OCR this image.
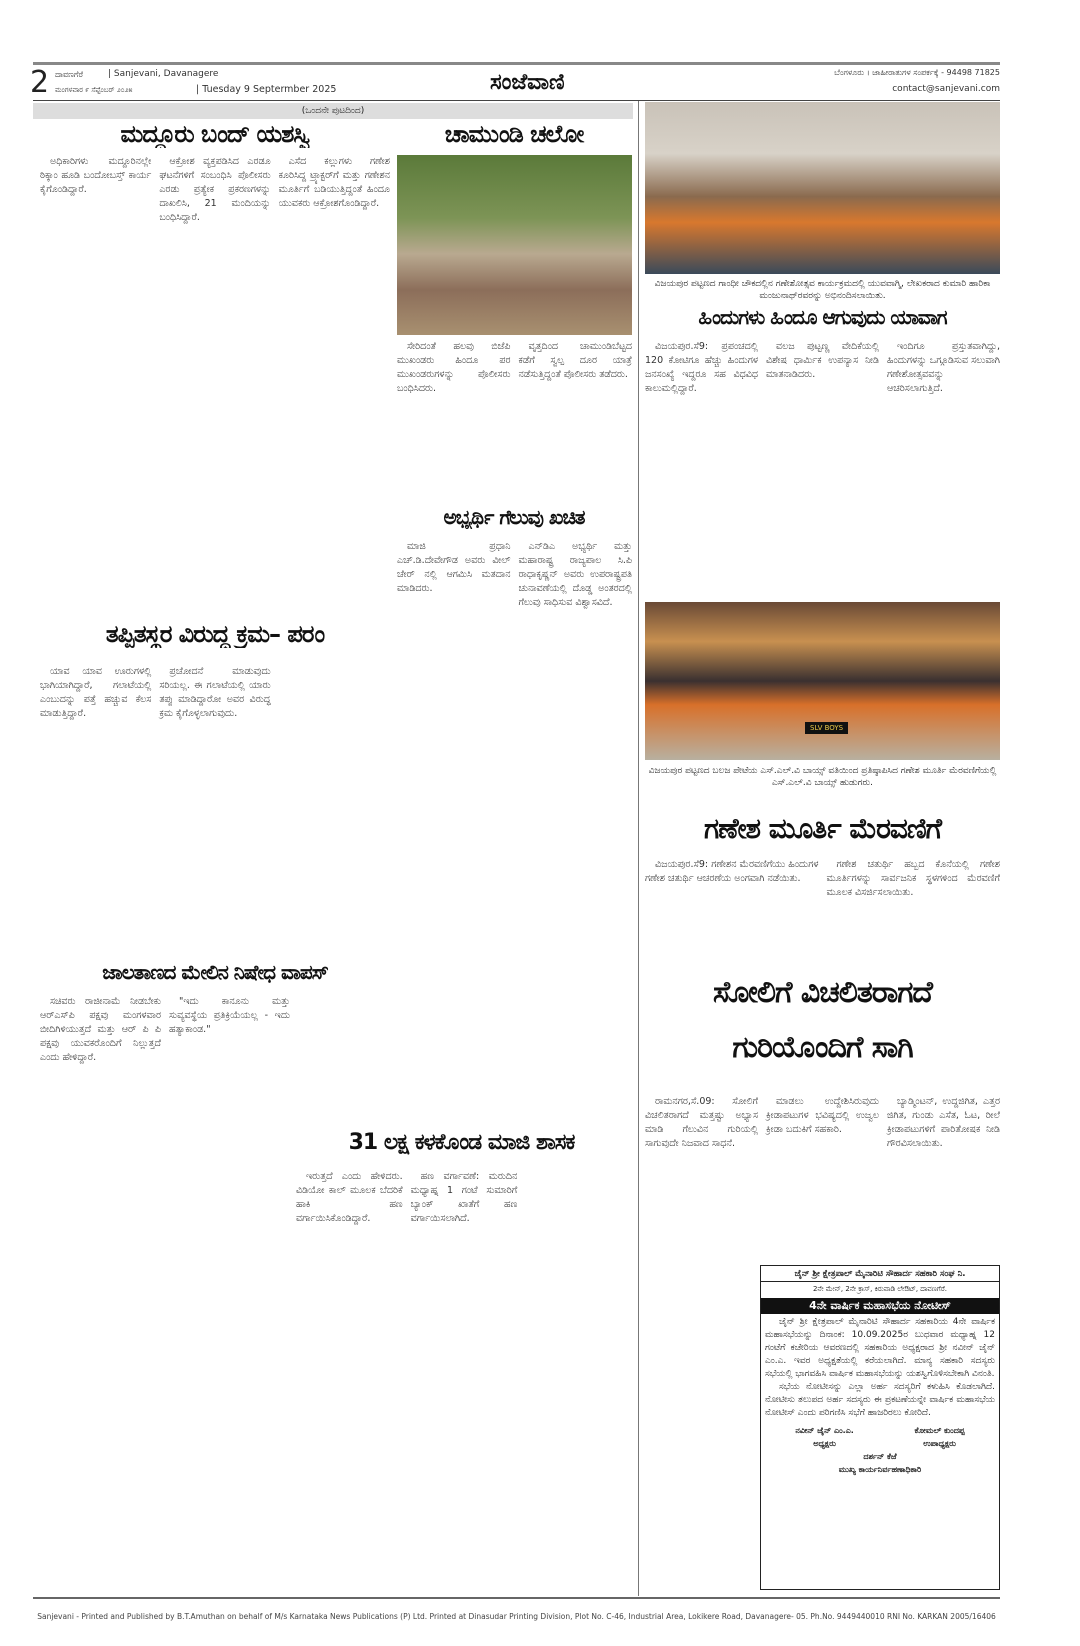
2 ದಾವಣಗೆರೆ
ಮಂಗಳವಾರ ೯ ಸೆಪ್ಟೆಂಬರ್ ೨೦೨೫
| Sanjevani, Davanagere
| Tuesday 9 Septermber 2025	ಸಂಜೆವಾಣಿ	ಬೆಂಗಳೂರು । ಜಾಹೀರಾತುಗಳ ಸಂಪರ್ಕಕ್ಕೆ - 94498 71825
contact@sanjevani.com
(ಒಂದನೇ ಪುಟದಿಂದ)
ಮದ್ದೂರು ಬಂದ್ ಯಶಸ್ವಿ

ಅಧಿಕಾರಿಗಳು ಮದ್ದೂರಿನಲ್ಲೇ ಠಿಕ್ಕಾಂ ಹೂಡಿ ಬಂದೋಬಸ್ತ್ ಕಾರ್ಯ ಕೈಗೊಂಡಿದ್ದಾರೆ.

ಆಕ್ರೋಶ ವ್ಯಕ್ತಪಡಿಸಿದ ಎರಡೂ ಘಟನೆಗಳಿಗೆ ಸಂಬಂಧಿಸಿ ಪೊಲೀಸರು ಎರಡು ಪ್ರತ್ಯೇಕ ಪ್ರಕರಣಗಳನ್ನು ದಾಖಲಿಸಿ, 21 ಮಂದಿಯನ್ನು ಬಂಧಿಸಿದ್ದಾರೆ.

ಎಸೆದ ಕಲ್ಲುಗಳು ಗಣೇಶ ಕೂರಿಸಿದ್ದ ಟ್ರ್ಯಾಕ್ಟರ್‌ಗೆ ಮತ್ತು ಗಣೇಶನ ಮೂರ್ತಿಗೆ ಬಡಿಯುತ್ತಿದ್ದಂತೆ ಹಿಂದೂ ಯುವಕರು ಆಕ್ರೋಶಗೊಂಡಿದ್ದಾರೆ.

ಚಾಮುಂಡಿ ಚಲೋ

ಸೇರಿದಂತೆ ಹಲವು ಬಿಜೆಪಿ ಮುಖಂಡರು ಹಿಂದೂ ಪರ ಮುಖಂಡರುಗಳನ್ನು ಪೊಲೀಸರು ಬಂಧಿಸಿದರು.

ವೃತ್ತದಿಂದ ಚಾಮುಂಡಿಬೆಟ್ಟದ ಕಡೆಗೆ ಸ್ವಲ್ಪ ದೂರ ಯಾತ್ರೆ ನಡೆಸುತ್ತಿದ್ದಂತೆ ಪೊಲೀಸರು ತಡೆದರು.

ಅಭ್ಯರ್ಥಿ ಗೆಲುವು ಖಚಿತ

ಮಾಜಿ ಪ್ರಧಾನಿ ಎಚ್.ಡಿ.ದೇವೇಗೌಡ ಅವರು ವೀಲ್ ಚೇರ್ ನಲ್ಲಿ ಆಗಮಿಸಿ ಮತದಾನ ಮಾಡಿದರು.

ಎನ್‌ಡಿಎ ಅಭ್ಯರ್ಥಿ ಮತ್ತು ಮಹಾರಾಷ್ಟ್ರ ರಾಜ್ಯಪಾಲ ಸಿ.ಪಿ ರಾಧಾಕೃಷ್ಣನ್ ಅವರು ಉಪರಾಷ್ಟ್ರಪತಿ ಚುನಾವಣೆಯಲ್ಲಿ ದೊಡ್ಡ ಅಂತರದಲ್ಲಿ ಗೆಲುವು ಸಾಧಿಸುವ ವಿಶ್ವಾಸವಿದೆ.

ತಪ್ಪಿತಸ್ಥರ ವಿರುದ್ಧ ಕ್ರಮ– ಪರಂ

ಯಾವ ಯಾವ ಊರುಗಳಲ್ಲಿ ಭಾಗಿಯಾಗಿದ್ದಾರೆ, ಗಲಾಟೆಯಲ್ಲಿ ಎಂಬುದನ್ನು ಪತ್ತೆ ಹಚ್ಚುವ ಕೆಲಸ ಮಾಡುತ್ತಿದ್ದಾರೆ.

ಪ್ರಚೋದನೆ ಮಾಡುವುದು ಸರಿಯಲ್ಲ. ಈ ಗಲಾಟೆಯಲ್ಲಿ ಯಾರು ತಪ್ಪು ಮಾಡಿದ್ದಾರೋ ಅವರ ವಿರುದ್ಧ ಕ್ರಮ ಕೈಗೊಳ್ಳಲಾಗುವುದು.

ಜಾಲತಾಣದ ಮೇಲಿನ ನಿಷೇಧ ವಾಪಸ್

ಸಚಿವರು ರಾಜೀನಾಮೆ ನೀಡಬೇಕು ಆರ್‌ಎಸ್‌ಪಿ ಪಕ್ಷವು ಮಂಗಳವಾರ ಬೀದಿಗಿಳಿಯುತ್ತದೆ ಮತ್ತು ಆರ್ ಪಿ ಪಿ ಪಕ್ಷವು ಯುವಕರೊಂದಿಗೆ ನಿಲ್ಲುತ್ತದೆ ಎಂದು ಹೇಳಿದ್ದಾರೆ.

"ಇದು ಕಾನೂನು ಮತ್ತು ಸುವ್ಯವಸ್ಥೆಯ ಪ್ರತಿಕ್ರಿಯೆಯಲ್ಲ - ಇದು ಹತ್ಯಾಕಾಂಡ."

31 ಲಕ್ಷ ಕಳಕೊಂಡ ಮಾಜಿ ಶಾಸಕ

ಇರುತ್ತದೆ ಎಂದು ಹೇಳಿದರು. ವಿಡಿಯೋ ಕಾಲ್ ಮೂಲಕ ಬೆದರಿಕೆ ಹಾಕಿ ಹಣ ವರ್ಗಾಯಿಸಿಕೊಂಡಿದ್ದಾರೆ.

ಹಣ ವರ್ಗಾವಣೆ: ಮರುದಿನ ಮಧ್ಯಾಹ್ನ 1 ಗಂಟೆ ಸುಮಾರಿಗೆ ಬ್ಯಾಂಕ್ ಖಾತೆಗೆ ಹಣ ವರ್ಗಾಯಿಸಲಾಗಿದೆ.

ವಿಜಯಪುರ ಪಟ್ಟಣದ ಗಾಂಧೀ ಚೌಕದಲ್ಲಿನ ಗಣೇಶೋತ್ಸವ ಕಾರ್ಯಕ್ರಮದಲ್ಲಿ ಯುವವಾಗ್ಮಿ, ಲೇಖಕರಾದ ಕುಮಾರಿ ಹಾರಿಕಾ ಮಂಜುನಾಥ್‌ರವರನ್ನು ಅಭಿನಂದಿಸಲಾಯಿತು.
ಹಿಂದುಗಳು ಹಿಂದೂ ಆಗುವುದು ಯಾವಾಗ

ವಿಜಯಪುರ.ಸೆ9: ಪ್ರಪಂಚದಲ್ಲಿ 120 ಕೋಟಿಗೂ ಹೆಚ್ಚು ಹಿಂದುಗಳ ಜನಸಂಖ್ಯೆ ಇದ್ದರೂ ಸಹ ವಿಧವಿಧ ಕಾಲುಮಲ್ಲಿದ್ದಾರೆ.

ವಲಜ ಪುಟ್ಟಣ್ಣ ವೇದಿಕೆಯಲ್ಲಿ ವಿಶೇಷ ಧಾರ್ಮಿಕ ಉಪನ್ಯಾಸ ನೀಡಿ ಮಾತನಾಡಿದರು.

ಇಂದಿಗೂ ಪ್ರಸ್ತುತವಾಗಿದ್ದು, ಹಿಂದುಗಳನ್ನು ಒಗ್ಗೂಡಿಸುವ ಸಲುವಾಗಿ ಗಣೇಶೋತ್ಸವವನ್ನು ಆಚರಿಸಲಾಗುತ್ತಿದೆ.

SLV BOYS
ವಿಜಯಪುರ ಪಟ್ಟಣದ ಬಲಜ ಪೇಟೆಯ ಎಸ್.ಎಲ್.ವಿ ಬಾಯ್ಸ್ ವತಿಯಿಂದ ಪ್ರತಿಷ್ಠಾಪಿಸಿದ ಗಣೇಶ ಮೂರ್ತಿ ಮೆರವಣಿಗೆಯಲ್ಲಿ ಎಸ್.ಎಲ್.ವಿ ಬಾಯ್ಸ್ ಹುಡುಗರು.
ಗಣೇಶ ಮೂರ್ತಿ ಮೆರವಣಿಗೆ

ವಿಜಯಪುರ.ಸೆ9: ಗಣೇಶನ ಮೆರವಣಿಗೆಯು ಹಿಂದುಗಳ ಗಣೇಶ ಚತುರ್ಥಿ ಆಚರಣೆಯ ಅಂಗವಾಗಿ ನಡೆಯಿತು.

ಗಣೇಶ ಚತುರ್ಥಿ ಹಬ್ಬದ ಕೊನೆಯಲ್ಲಿ ಗಣೇಶ ಮೂರ್ತಿಗಳನ್ನು ಸಾರ್ವಜನಿಕ ಸ್ಥಳಗಳಿಂದ ಮೆರವಣಿಗೆ ಮೂಲಕ ವಿಸರ್ಜಿಸಲಾಯಿತು.

ಸೋಲಿಗೆ ವಿಚಲಿತರಾಗದೆ
ಗುರಿಯೊಂದಿಗೆ ಸಾಗಿ

ರಾಮನಗರ,ಸೆ.09: ಸೋಲಿಗೆ ವಿಚಲಿತರಾಗದೆ ಮತ್ತಷ್ಟು ಅಭ್ಯಾಸ ಮಾಡಿ ಗೆಲುವಿನ ಗುರಿಯಲ್ಲಿ ಸಾಗುವುದೇ ನಿಜವಾದ ಸಾಧನೆ.

ಮಾಡಲು ಉದ್ದೇಶಿಸಿರುವುದು ಕ್ರೀಡಾಪಟುಗಳ ಭವಿಷ್ಯದಲ್ಲಿ ಉಜ್ವಲ ಕ್ರೀಡಾ ಬದುಕಿಗೆ ಸಹಕಾರಿ.

ಬ್ಯಾಡ್ಮಿಂಟನ್, ಉದ್ದಜಿಗಿತ, ಎತ್ತರ ಜಿಗಿತ, ಗುಂಡು ಎಸೆತ, ಓಟ, ರೀಲೆ ಕ್ರೀಡಾಪಟುಗಳಿಗೆ ಪಾರಿತೋಷಕ ನೀಡಿ ಗೌರವಿಸಲಾಯಿತು.

ಜೈನ್ ಶ್ರೀ ಕ್ಷೇತ್ರಪಾಲ್ ಮೈನಾರಿಟಿ ಸೌಹಾರ್ದ ಸಹಕಾರಿ ಸಂಘ ನಿ.
2ನೇ ಮೇನ್, 2ನೇ ಕ್ರಾಸ್, ಕಿರುವಾಡಿ ಲೇಔಟ್, ದಾವಣಗೆರೆ.
4ನೇ ವಾರ್ಷಿಕ ಮಹಾಸಭೆಯ ನೋಟೀಸ್
ಜೈನ್ ಶ್ರೀ ಕ್ಷೇತ್ರಪಾಲ್ ಮೈನಾರಿಟಿ ಸೌಹಾರ್ದ ಸಹಕಾರಿಯ 4ನೇ ವಾರ್ಷಿಕ ಮಹಾಸಭೆಯನ್ನು ದಿನಾಂಕ: 10.09.2025ರ ಬುಧವಾರ ಮಧ್ಯಾಹ್ನ 12 ಗಂಟೆಗೆ ಕಚೇರಿಯ ಆವರಣದಲ್ಲಿ ಸಹಕಾರಿಯ ಅಧ್ಯಕ್ಷರಾದ ಶ್ರೀ ನವೀನ್ ಜೈನ್ ಎಂ.ಎ. ಇವರ ಅಧ್ಯಕ್ಷತೆಯಲ್ಲಿ ಕರೆಯಲಾಗಿದೆ. ಮಾನ್ಯ ಸಹಕಾರಿ ಸದಸ್ಯರು ಸಭೆಯಲ್ಲಿ ಭಾಗವಹಿಸಿ ವಾರ್ಷಿಕ ಮಹಾಸಭೆಯನ್ನು ಯಶಸ್ವಿಗೊಳಿಸಬೇಕಾಗಿ ವಿನಂತಿ.
ಸಭೆಯ ನೋಟೀಸನ್ನು ಎಲ್ಲಾ ಅರ್ಹ ಸದಸ್ಯರಿಗೆ ಕಳುಹಿಸಿ ಕೊಡಲಾಗಿದೆ. ನೋಟೀಸು ತಲುಪದ ಅರ್ಹ ಸದಸ್ಯರು ಈ ಪ್ರಕಟಣೆಯನ್ನೇ ವಾರ್ಷಿಕ ಮಹಾಸಭೆಯ ನೋಟೀಸ್ ಎಂದು ಪರಿಗಣಿಸಿ ಸಭೆಗೆ ಹಾಜರಿರಲು ಕೋರಿದೆ.
ನವೀನ್ ಜೈನ್ ಎಂ.ಎ.
ಅಧ್ಯಕ್ಷರು
ಕೋಮಲ್ ಕುಂದಪ್ಪ
ಉಪಾಧ್ಯಕ್ಷರು
ದರ್ಶನ್ ಕೆಜೆ
ಮುಖ್ಯ ಕಾರ್ಯನಿರ್ವಹಣಾಧಿಕಾರಿ
Sanjevani - Printed and Published by B.T.Amuthan on behalf of M/s Karnataka News Publications (P) Ltd. Printed at Dinasudar Printing Division, Plot No. C-46, Industrial Area, Lokikere Road, Davanagere- 05. Ph.No. 9449440010 RNI No. KARKAN 2005/16406
